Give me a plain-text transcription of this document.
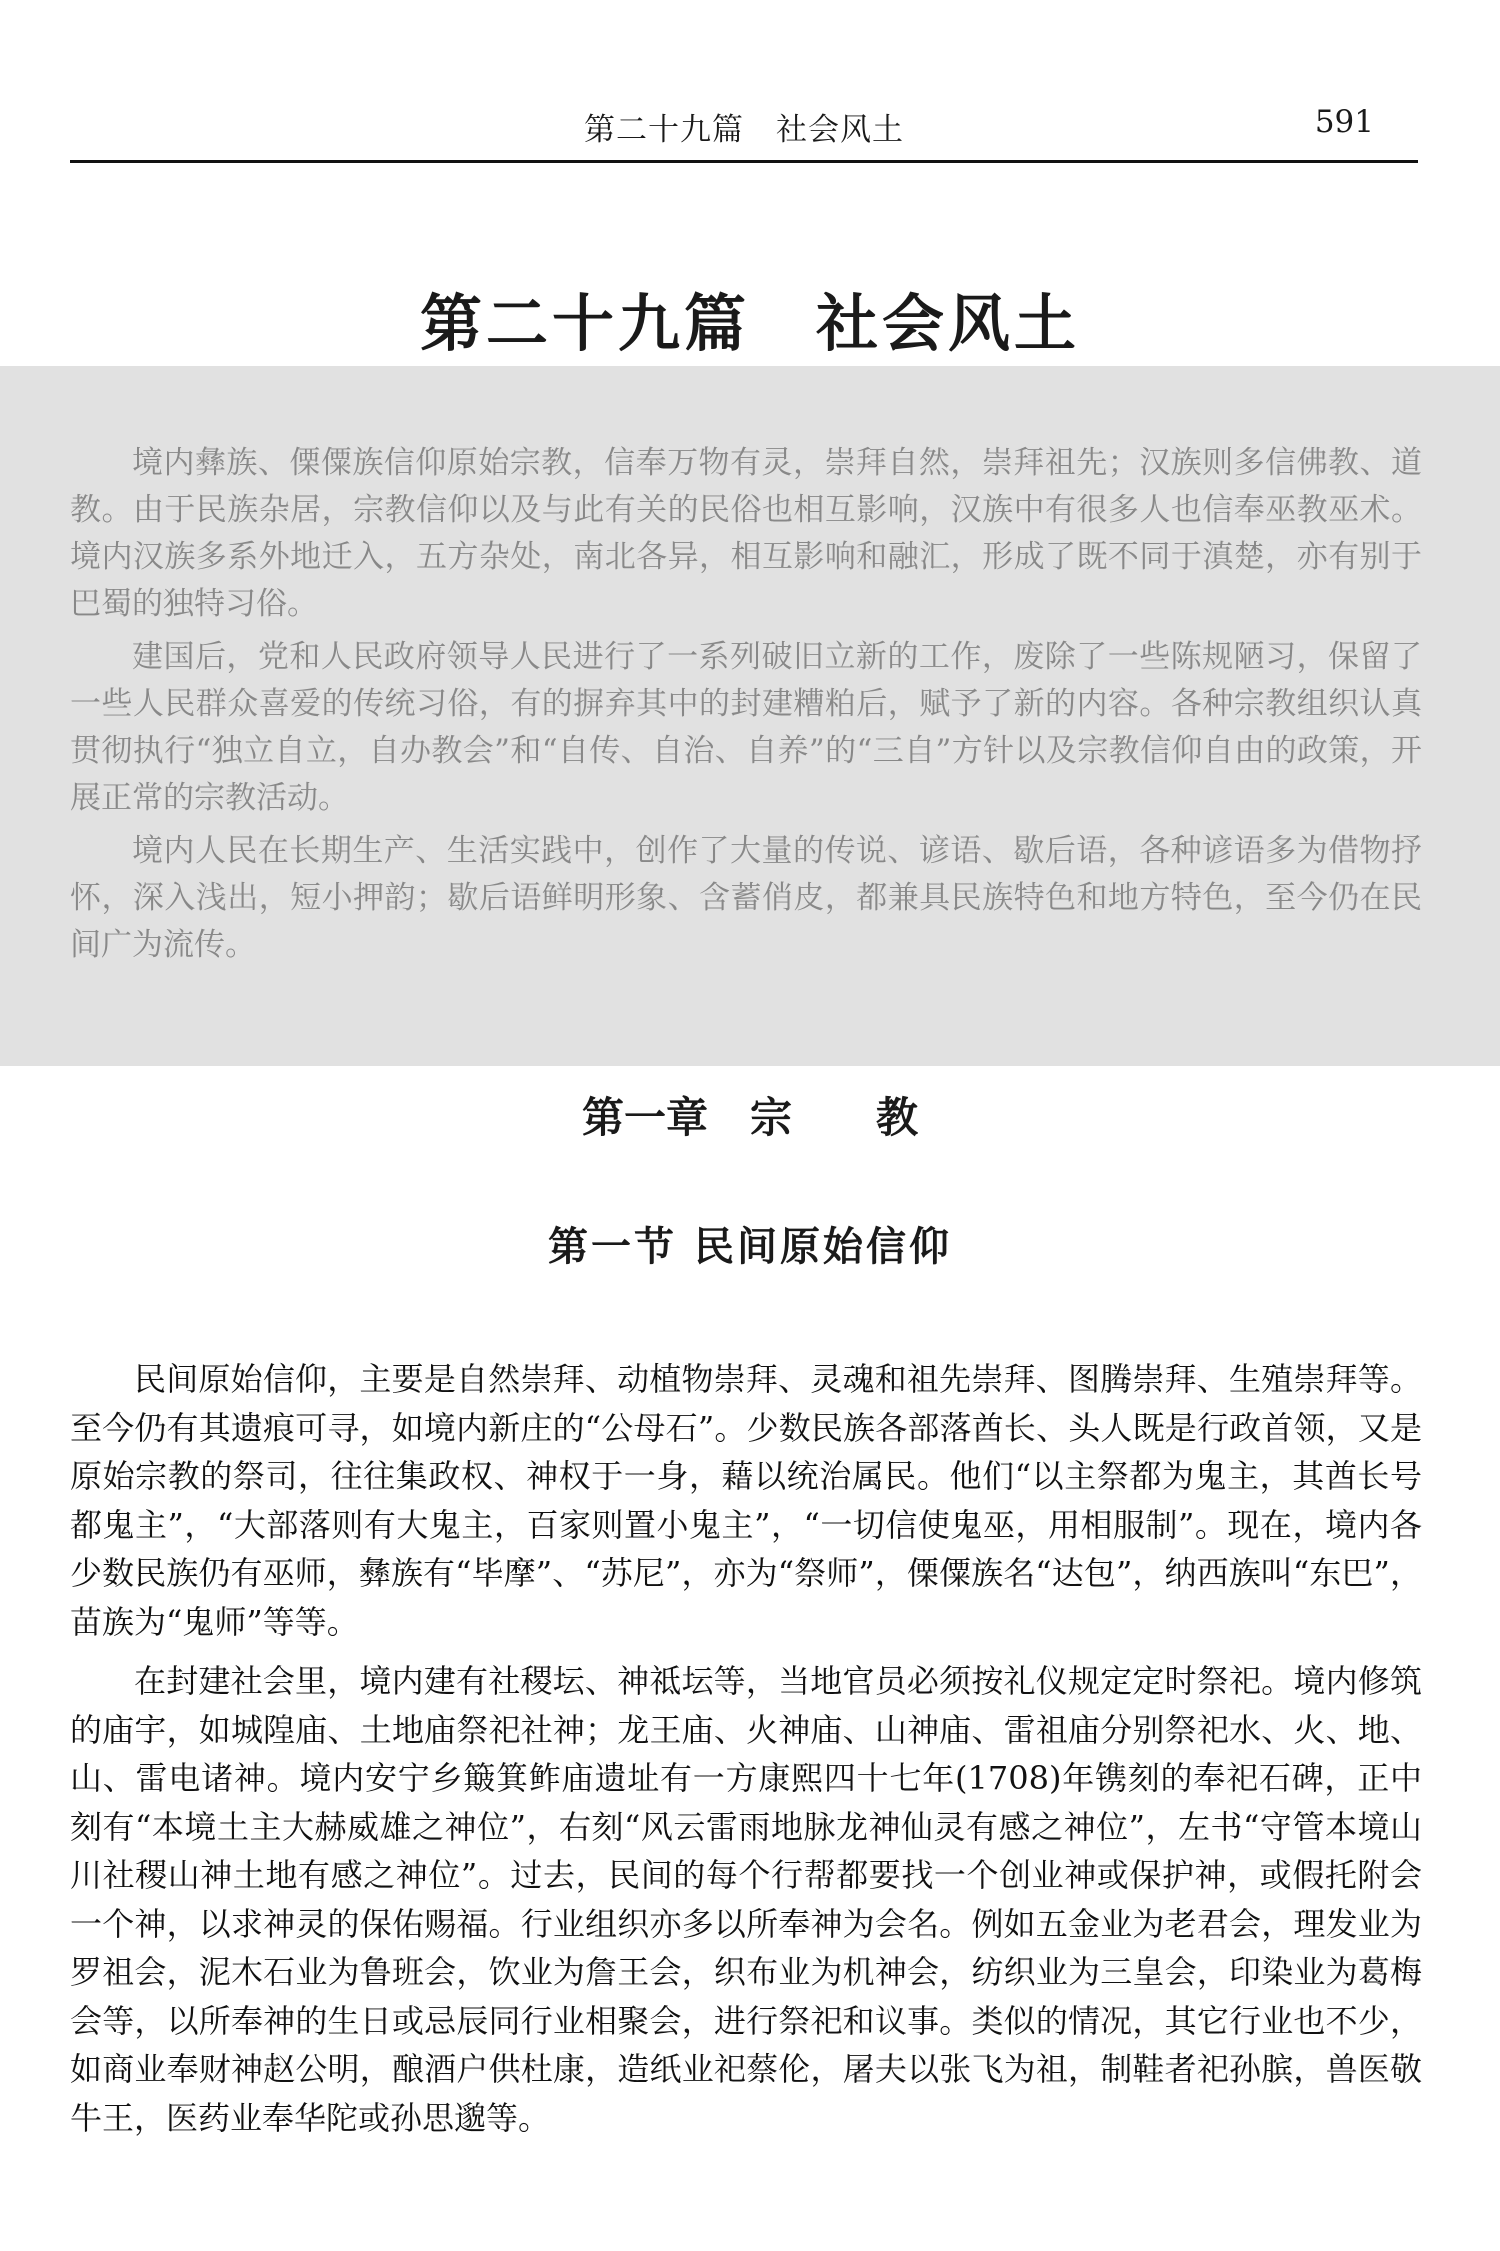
第二十九篇　社会风土	591
第二十九篇　社会风土

境内彝族、傈僳族信仰原始宗教，信奉万物有灵，崇拜自然，崇拜祖先；汉族则多信佛教、道教。由于民族杂居，宗教信仰以及与此有关的民俗也相互影响，汉族中有很多人也信奉巫教巫术。境内汉族多系外地迁入，五方杂处，南北各异，相互影响和融汇，形成了既不同于滇楚，亦有别于巴蜀的独特习俗。

建国后，党和人民政府领导人民进行了一系列破旧立新的工作，废除了一些陈规陋习，保留了一些人民群众喜爱的传统习俗，有的摒弃其中的封建糟粕后，赋予了新的内容。各种宗教组织认真贯彻执行“独立自立，自办教会”和“自传、自治、自养”的“三自”方针以及宗教信仰自由的政策，开展正常的宗教活动。

境内人民在长期生产、生活实践中，创作了大量的传说、谚语、歇后语，各种谚语多为借物抒怀，深入浅出，短小押韵；歇后语鲜明形象、含蓄俏皮，都兼具民族特色和地方特色，至今仍在民间广为流传。

第一章　宗　　教
第一节 民间原始信仰

民间原始信仰，主要是自然崇拜、动植物崇拜、灵魂和祖先崇拜、图腾崇拜、生殖崇拜等。至今仍有其遗痕可寻，如境内新庄的“公母石”。少数民族各部落酋长、头人既是行政首领，又是原始宗教的祭司，往往集政权、神权于一身，藉以统治属民。他们“以主祭都为鬼主，其酋长号都鬼主”，“大部落则有大鬼主，百家则置小鬼主”，“一切信使鬼巫，用相服制”。现在，境内各少数民族仍有巫师，彝族有“毕摩”、“苏尼”，亦为“祭师”，傈僳族名“达包”，纳西族叫“东巴”，苗族为“鬼师”等等。

在封建社会里，境内建有社稷坛、神祗坛等，当地官员必须按礼仪规定定时祭祀。境内修筑的庙宇，如城隍庙、土地庙祭祀社神；龙王庙、火神庙、山神庙、雷祖庙分别祭祀水、火、地、山、雷电诸神。境内安宁乡簸箕鲊庙遗址有一方康熙四十七年(1708)年镌刻的奉祀石碑，正中刻有“本境土主大赫威雄之神位”，右刻“风云雷雨地脉龙神仙灵有感之神位”，左书“守管本境山川社稷山神土地有感之神位”。过去，民间的每个行帮都要找一个创业神或保护神，或假托附会一个神，以求神灵的保佑赐福。行业组织亦多以所奉神为会名。例如五金业为老君会，理发业为罗祖会，泥木石业为鲁班会，饮业为詹王会，织布业为机神会，纺织业为三皇会，印染业为葛梅会等，以所奉神的生日或忌辰同行业相聚会，进行祭祀和议事。类似的情况，其它行业也不少，如商业奉财神赵公明，酿酒户供杜康，造纸业祀蔡伦，屠夫以张飞为祖，制鞋者祀孙膑，兽医敬牛王，医药业奉华陀或孙思邈等。
